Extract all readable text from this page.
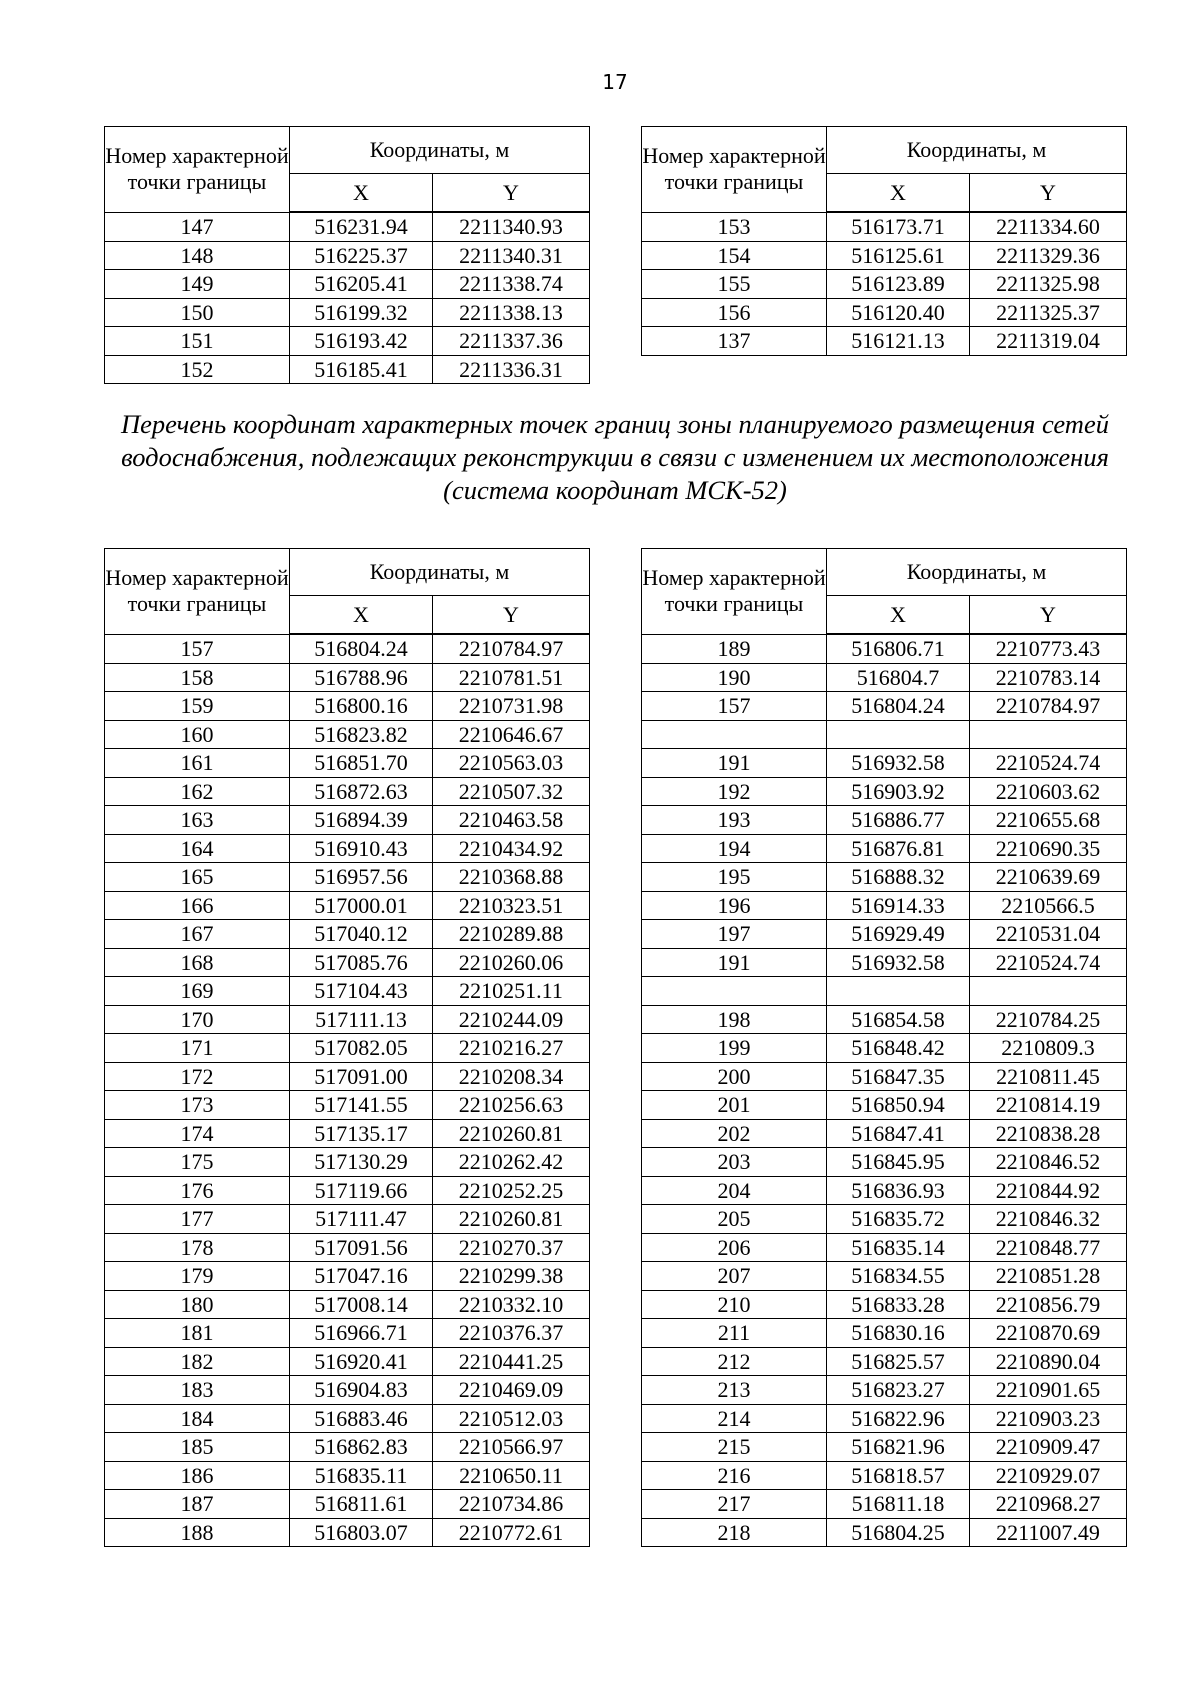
17
Номер характерной точки границы	Координаты, м	
	X	Y
147	516231.94	2211340.93
148	516225.37	2211340.31
149	516205.41	2211338.74
150	516199.32	2211338.13
151	516193.42	2211337.36
152	516185.41	2211336.31
Номер характерной точки границы	Координаты, м	
	X	Y
153	516173.71	2211334.60
154	516125.61	2211329.36
155	516123.89	2211325.98
156	516120.40	2211325.37
137	516121.13	2211319.04
Перечень координат характерных точек границ зоны планируемого размещения сетей водоснабжения, подлежащих реконструкции в связи с изменением их местоположения (система координат МСК-52)
Номер характерной точки границы	Координаты, м	
	X	Y
157	516804.24	2210784.97
158	516788.96	2210781.51
159	516800.16	2210731.98
160	516823.82	2210646.67
161	516851.70	2210563.03
162	516872.63	2210507.32
163	516894.39	2210463.58
164	516910.43	2210434.92
165	516957.56	2210368.88
166	517000.01	2210323.51
167	517040.12	2210289.88
168	517085.76	2210260.06
169	517104.43	2210251.11
170	517111.13	2210244.09
171	517082.05	2210216.27
172	517091.00	2210208.34
173	517141.55	2210256.63
174	517135.17	2210260.81
175	517130.29	2210262.42
176	517119.66	2210252.25
177	517111.47	2210260.81
178	517091.56	2210270.37
179	517047.16	2210299.38
180	517008.14	2210332.10
181	516966.71	2210376.37
182	516920.41	2210441.25
183	516904.83	2210469.09
184	516883.46	2210512.03
185	516862.83	2210566.97
186	516835.11	2210650.11
187	516811.61	2210734.86
188	516803.07	2210772.61
Номер характерной точки границы	Координаты, м	
	X	Y
189	516806.71	2210773.43
190	516804.7	2210783.14
157	516804.24	2210784.97

191	516932.58	2210524.74
192	516903.92	2210603.62
193	516886.77	2210655.68
194	516876.81	2210690.35
195	516888.32	2210639.69
196	516914.33	2210566.5
197	516929.49	2210531.04
191	516932.58	2210524.74

198	516854.58	2210784.25
199	516848.42	2210809.3
200	516847.35	2210811.45
201	516850.94	2210814.19
202	516847.41	2210838.28
203	516845.95	2210846.52
204	516836.93	2210844.92
205	516835.72	2210846.32
206	516835.14	2210848.77
207	516834.55	2210851.28
210	516833.28	2210856.79
211	516830.16	2210870.69
212	516825.57	2210890.04
213	516823.27	2210901.65
214	516822.96	2210903.23
215	516821.96	2210909.47
216	516818.57	2210929.07
217	516811.18	2210968.27
218	516804.25	2211007.49
